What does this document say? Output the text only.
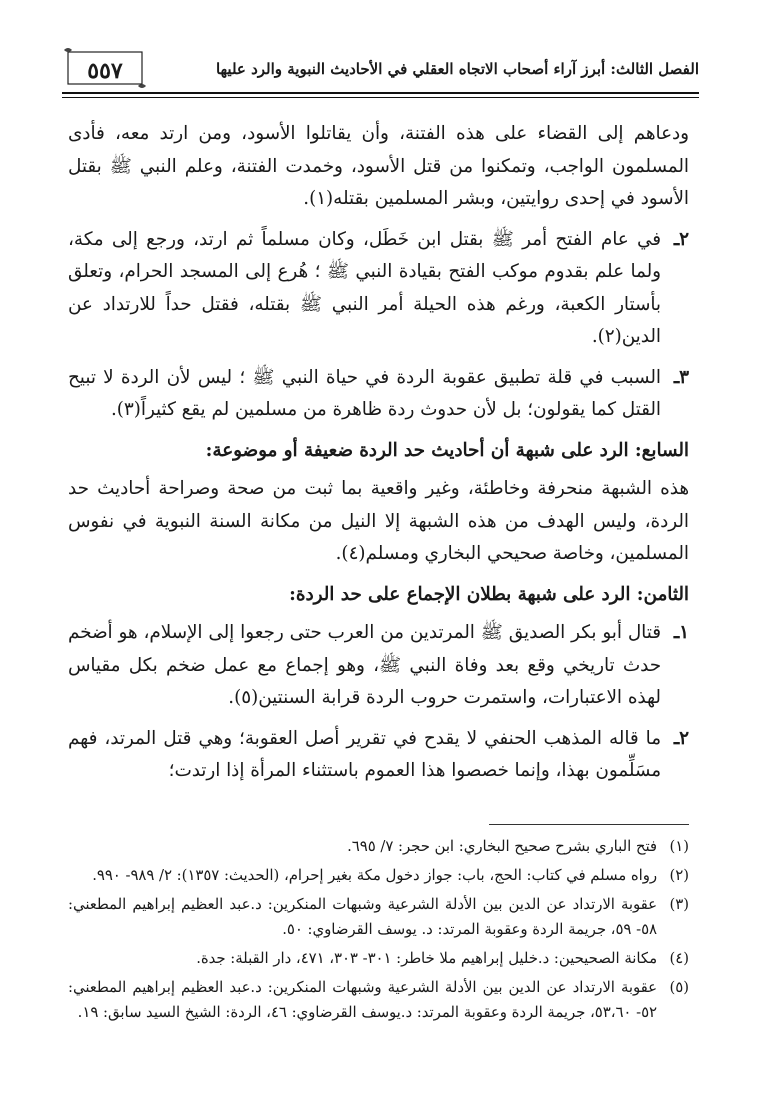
الفصل الثالث: أبرز آراء أصحاب الاتجاه العقلي في الأحاديث النبوية والرد عليها
٥٥٧

ودعاهم إلى القضاء على هذه الفتنة، وأن يقاتلوا الأسود، ومن ارتد معه، فأدى المسلمون الواجب، وتمكنوا من قتل الأسود، وخمدت الفتنة، وعلم النبي ﷺ بقتل الأسود في إحدى روايتين، وبشر المسلمين بقتله(١).

٢ـ
في عام الفتح أمر ﷺ بقتل ابن خَطَل، وكان مسلماً ثم ارتد، ورجع إلى مكة، ولما علم بقدوم موكب الفتح بقيادة النبي ﷺ ؛ هُرع إلى المسجد الحرام، وتعلق بأستار الكعبة، ورغم هذه الحيلة أمر النبي ﷺ بقتله، فقتل حداً للارتداد عن الدين(٢).
٣ـ
السبب في قلة تطبيق عقوبة الردة في حياة النبي ﷺ ؛ ليس لأن الردة لا تبيح القتل كما يقولون؛ بل لأن حدوث ردة ظاهرة من مسلمين لم يقع كثيراً(٣).
السابع: الرد على شبهة أن أحاديث حد الردة ضعيفة أو موضوعة:

هذه الشبهة منحرفة وخاطئة، وغير واقعية بما ثبت من صحة وصراحة أحاديث حد الردة، وليس الهدف من هذه الشبهة إلا النيل من مكانة السنة النبوية في نفوس المسلمين، وخاصة صحيحي البخاري ومسلم(٤).

الثامن: الرد على شبهة بطلان الإجماع على حد الردة:
١ـ
قتال أبو بكر الصديق ﷺ المرتدين من العرب حتى رجعوا إلى الإسلام، هو أضخم حدث تاريخي وقع بعد وفاة النبي ﷺ، وهو إجماع مع عمل ضخم بكل مقياس لهذه الاعتبارات، واستمرت حروب الردة قرابة السنتين(٥).
٢ـ
ما قاله المذهب الحنفي لا يقدح في تقرير أصل العقوبة؛ وهي قتل المرتد، فهم مسَلِّمون بهذا، وإنما خصصوا هذا العموم باستثناء المرأة إذا ارتدت؛
(١)
فتح الباري بشرح صحيح البخاري: ابن حجر: ٧/ ٦٩٥.
(٢)
رواه مسلم في كتاب: الحج، باب: جواز دخول مكة بغير إحرام، (الحديث: ١٣٥٧): ٢/ ٩٨٩- ٩٩٠.
(٣)
عقوبة الارتداد عن الدين بين الأدلة الشرعية وشبهات المنكرين: د.عبد العظيم إبراهيم المطعني: ٥٨- ٥٩، جريمة الردة وعقوبة المرتد: د. يوسف القرضاوي: ٥٠.
(٤)
مكانة الصحيحين: د.خليل إبراهيم ملا خاطر: ٣٠١- ٣٠٣، ٤٧١، دار القبلة: جدة.
(٥)
عقوبة الارتداد عن الدين بين الأدلة الشرعية وشبهات المنكرين: د.عبد العظيم إبراهيم المطعني: ٥٢- ٥٣،٦٠، جريمة الردة وعقوبة المرتد: د.يوسف القرضاوي: ٤٦، الردة: الشيخ السيد سابق: ١٩.
